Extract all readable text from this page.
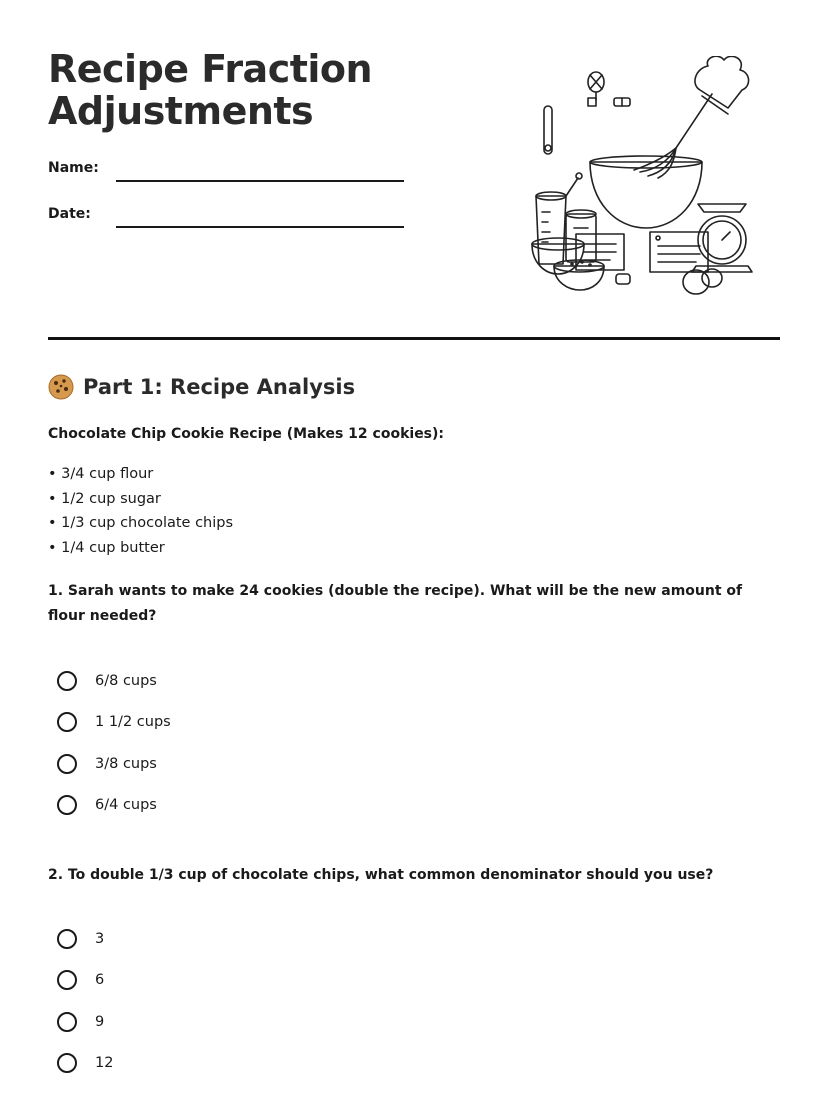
Recipe Fraction Adjustments
Name:
Date:
Part 1: Recipe Analysis
Chocolate Chip Cookie Recipe (Makes 12 cookies):
• 3/4 cup flour
• 1/2 cup sugar
• 1/3 cup chocolate chips
• 1/4 cup butter

1. Sarah wants to make 24 cookies (double the recipe). What will be the new amount of flour needed?

6/8 cups
1 1/2 cups
3/8 cups
6/4 cups

2. To double 1/3 cup of chocolate chips, what common denominator should you use?

3
6
9
12
